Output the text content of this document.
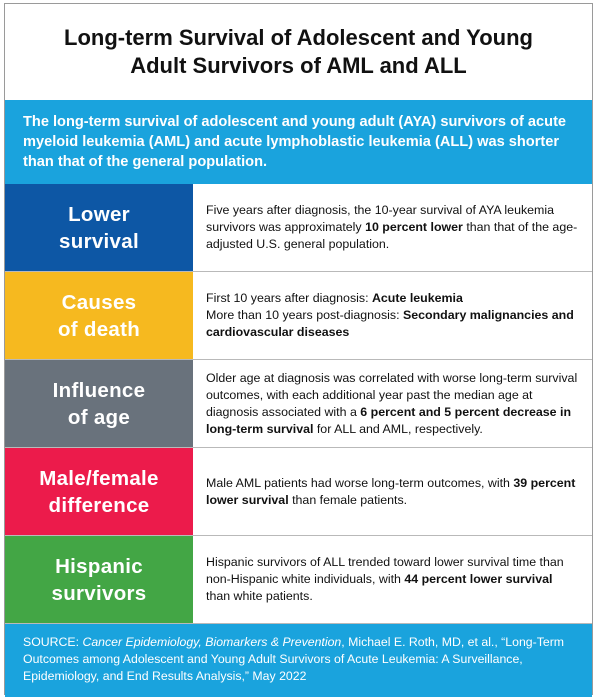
Long-term Survival of Adolescent and Young
Adult Survivors of AML and ALL
The long-term survival of adolescent and young adult (AYA) survivors of acute myeloid leukemia (AML) and acute lymphoblastic leukemia (ALL) was shorter than that of the general population.
Lower
survival
Five years after diagnosis, the 10-year survival of AYA leukemia survivors was approximately 10 percent lower than that of the age-adjusted U.S. general population.
Causes
of death
First 10 years after diagnosis: Acute leukemia
More than 10 years post-diagnosis: Secondary malignancies and cardiovascular diseases
Influence
of age
Older age at diagnosis was correlated with worse long-term survival outcomes, with each additional year past the median age at diagnosis associated with a 6 percent and 5 percent decrease in long-term survival for ALL and AML, respectively.
Male/female
difference
Male AML patients had worse long-term outcomes, with 39 percent lower survival than female patients.
Hispanic
survivors
Hispanic survivors of ALL trended toward lower survival time than non-Hispanic white individuals, with 44 percent lower survival than white patients.
SOURCE: Cancer Epidemiology, Biomarkers & Prevention, Michael E. Roth, MD, et al., “Long-Term Outcomes among Adolescent and Young Adult Survivors of Acute Leukemia: A Surveillance, Epidemiology, and End Results Analysis,” May 2022
